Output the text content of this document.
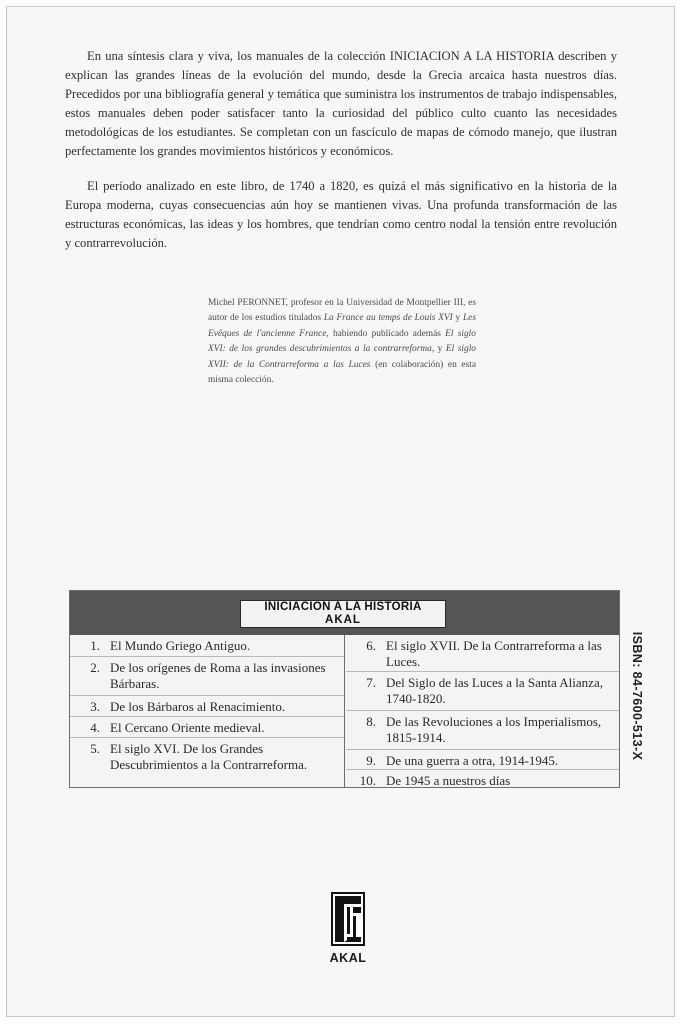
En una síntesis clara y viva, los manuales de la colección INICIACION A LA HISTORIA describen y explican las grandes líneas de la evolución del mundo, desde la Grecia arcaica hasta nuestros días. Precedidos por una bibliografía general y temática que suministra los instrumentos de trabajo indispensables, estos manuales deben poder satisfacer tanto la curiosidad del público culto cuanto las necesidades metodológicas de los estudiantes. Se completan con un fascículo de mapas de cómodo manejo, que ilustran perfectamente los grandes movimientos históricos y económicos.

El período analizado en este libro, de 1740 a 1820, es quizá el más significativo en la historia de la Europa moderna, cuyas consecuencias aún hoy se mantienen vivas. Una profunda transformación de las estructuras económicas, las ideas y los hombres, que tendrían como centro nodal la tensión entre revolución y contrarrevolución.

Michel PERONNET, profesor en la Universidad de Montpellier III, es autor de los estudios titulados La France au temps de Louis XVI y Les Evêques de l'ancienne France, habiendo publicado además El siglo XVI: de los grandes descubrimientos a la contrarreforma, y El siglo XVII: de la Contrarreforma a las Luces (en colaboración) en esta misma colección.

INICIACION A LA HISTORIA
AKAL
1. El Mundo Griego Antiguo.
2. De los orígenes de Roma a las invasiones Bárbaras.
3. De los Bárbaros al Renacimiento.
4. El Cercano Oriente medieval.
5. El siglo XVI. De los Grandes Descubrimientos a la Contrarreforma.
6. El siglo XVII. De la Contrarreforma a las Luces.
7. Del Siglo de las Luces a la Santa Alianza, 1740-1820.
8. De las Revoluciones a los Imperialismos, 1815-1914.
9. De una guerra a otra, 1914-1945.
10. De 1945 a nuestros días
ISBN: 84-7600-513-X
AKAL
